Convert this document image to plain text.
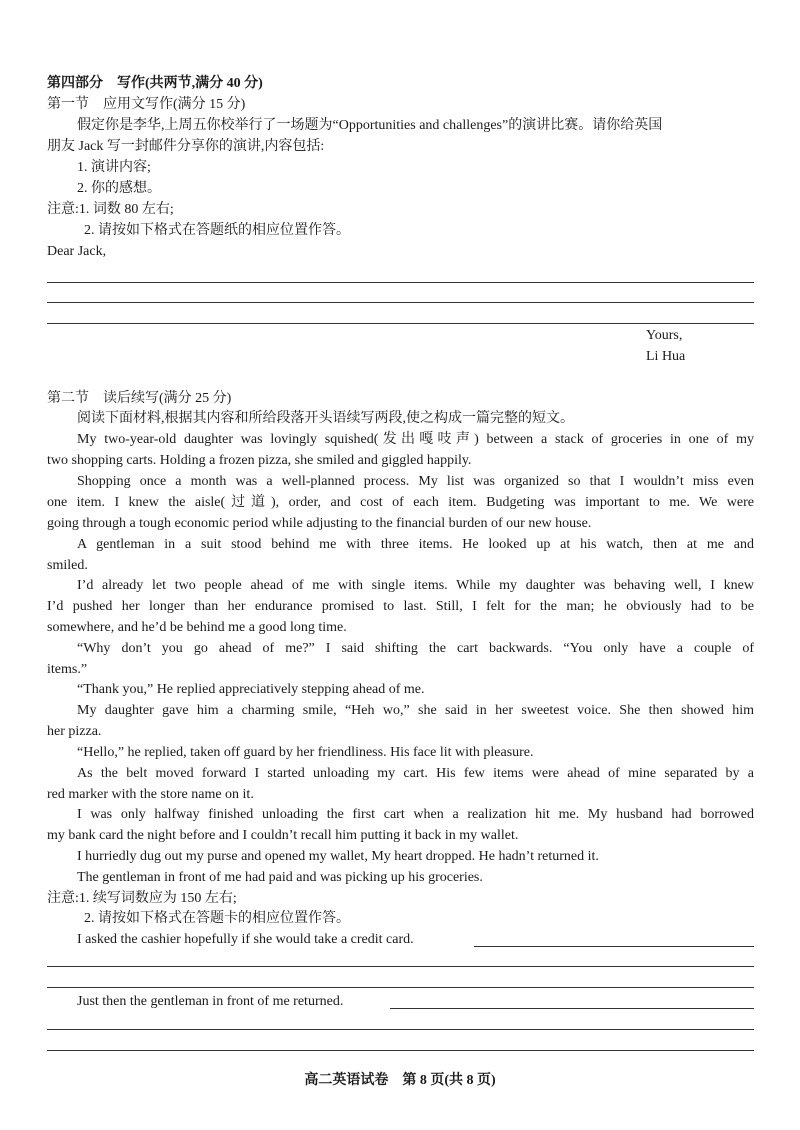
第四部分　写作(共两节,满分 40 分)
第一节　应用文写作(满分 15 分)
假定你是李华,上周五你校举行了一场题为“Opportunities and challenges”的演讲比赛。请你给英国
朋友 Jack 写一封邮件分享你的演讲,内容包括:
1. 演讲内容;
2. 你的感想。
注意:1. 词数 80 左右;
2. 请按如下格式在答题纸的相应位置作答。
Dear Jack,
Yours,
Li Hua
第二节　读后续写(满分 25 分)
阅读下面材料,根据其内容和所给段落开头语续写两段,使之构成一篇完整的短文。
My two-year-old daughter was lovingly squished(发出嘎吱声) between a stack of groceries in one of my
two shopping carts. Holding a frozen pizza, she smiled and giggled happily.
Shopping once a month was a well-planned process. My list was organized so that I wouldn’t miss even
one item. I knew the aisle(过道), order, and cost of each item. Budgeting was important to me. We were
going through a tough economic period while adjusting to the financial burden of our new house.
A gentleman in a suit stood behind me with three items. He looked up at his watch, then at me and
smiled.
I’d already let two people ahead of me with single items. While my daughter was behaving well, I knew
I’d pushed her longer than her endurance promised to last. Still, I felt for the man; he obviously had to be
somewhere, and he’d be behind me a good long time.
“Why don’t you go ahead of me?” I said shifting the cart backwards. “You only have a couple of
items.”
“Thank you,” He replied appreciatively stepping ahead of me.
My daughter gave him a charming smile, “Heh wo,” she said in her sweetest voice. She then showed him
her pizza.
“Hello,” he replied, taken off guard by her friendliness. His face lit with pleasure.
As the belt moved forward I started unloading my cart. His few items were ahead of mine separated by a
red marker with the store name on it.
I was only halfway finished unloading the first cart when a realization hit me. My husband had borrowed
my bank card the night before and I couldn’t recall him putting it back in my wallet.
I hurriedly dug out my purse and opened my wallet, My heart dropped. He hadn’t returned it.
The gentleman in front of me had paid and was picking up his groceries.
注意:1. 续写词数应为 150 左右;
2. 请按如下格式在答题卡的相应位置作答。
I asked the cashier hopefully if she would take a credit card.
Just then the gentleman in front of me returned.
高二英语试卷　第 8 页(共 8 页)
